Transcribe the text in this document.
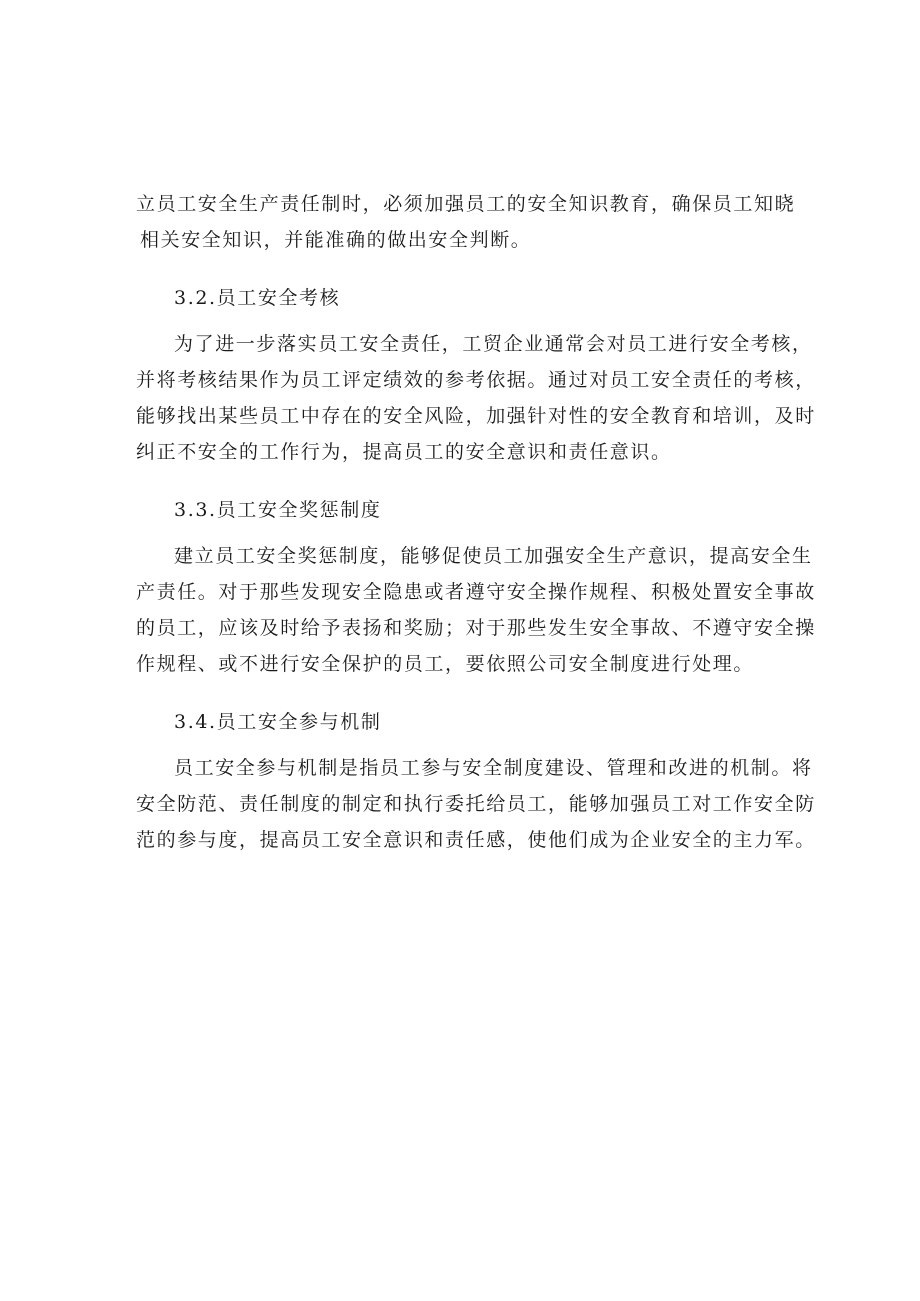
立员工安全生产责任制时，必须加强员工的安全知识教育，确保员工知晓
相关安全知识，并能准确的做出安全判断。

3.2.员工安全考核

为了进一步落实员工安全责任，工贸企业通常会对员工进行安全考核，
并将考核结果作为员工评定绩效的参考依据。通过对员工安全责任的考核，
能够找出某些员工中存在的安全风险，加强针对性的安全教育和培训，及时
纠正不安全的工作行为，提高员工的安全意识和责任意识。

3.3.员工安全奖惩制度

建立员工安全奖惩制度，能够促使员工加强安全生产意识，提高安全生
产责任。对于那些发现安全隐患或者遵守安全操作规程、积极处置安全事故
的员工，应该及时给予表扬和奖励；对于那些发生安全事故、不遵守安全操
作规程、或不进行安全保护的员工，要依照公司安全制度进行处理。

3.4.员工安全参与机制

员工安全参与机制是指员工参与安全制度建设、管理和改进的机制。将
安全防范、责任制度的制定和执行委托给员工，能够加强员工对工作安全防
范的参与度，提高员工安全意识和责任感，使他们成为企业安全的主力军。
